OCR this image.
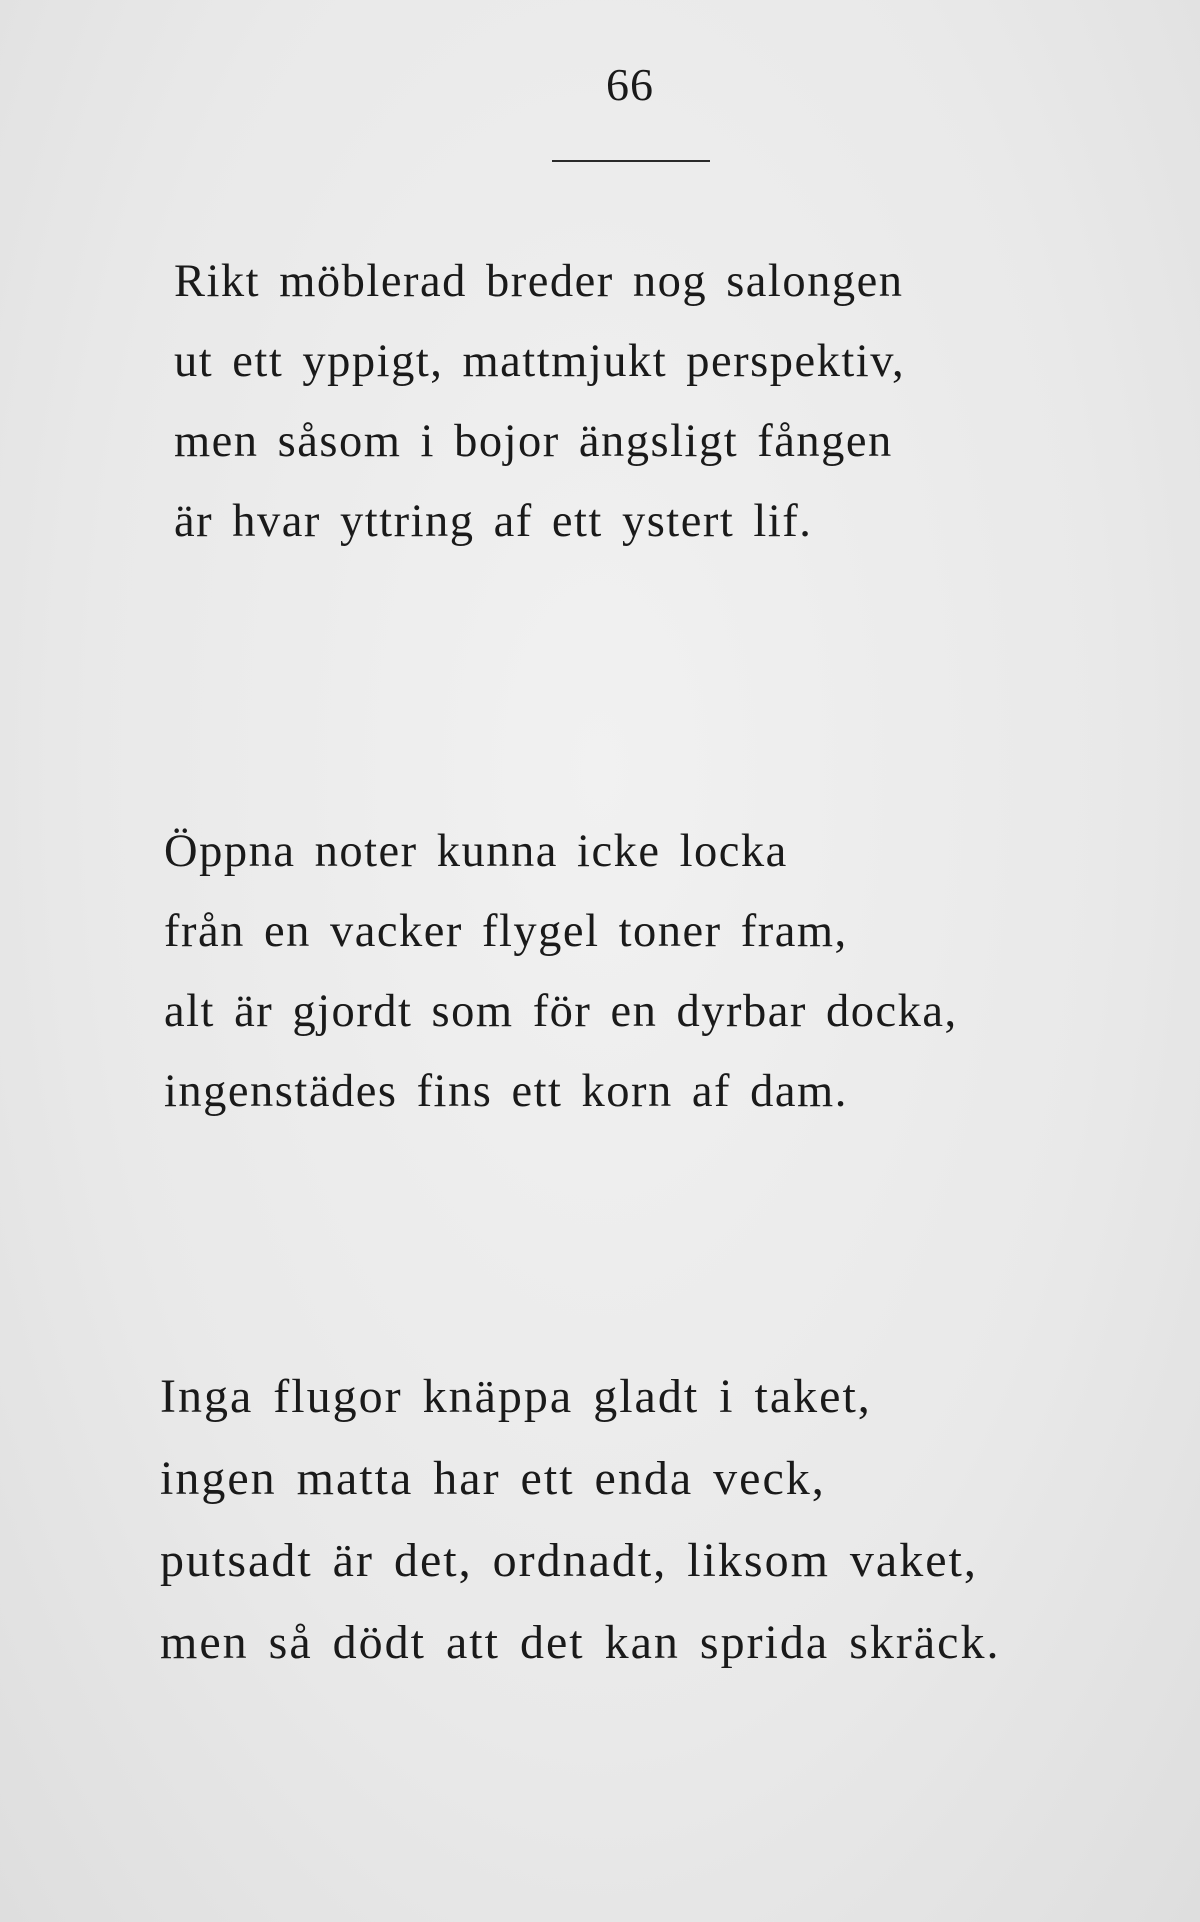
66
Rikt möblerad breder nog salongen
ut ett yppigt, mattmjukt perspektiv,
men såsom i bojor ängsligt fången
är hvar yttring af ett ystert lif.
Öppna noter kunna icke locka
från en vacker flygel toner fram,
alt är gjordt som för en dyrbar docka,
ingenstädes fins ett korn af dam.
Inga flugor knäppa gladt i taket,
ingen matta har ett enda veck,
putsadt är det, ordnadt, liksom vaket,
men så dödt att det kan sprida skräck.
